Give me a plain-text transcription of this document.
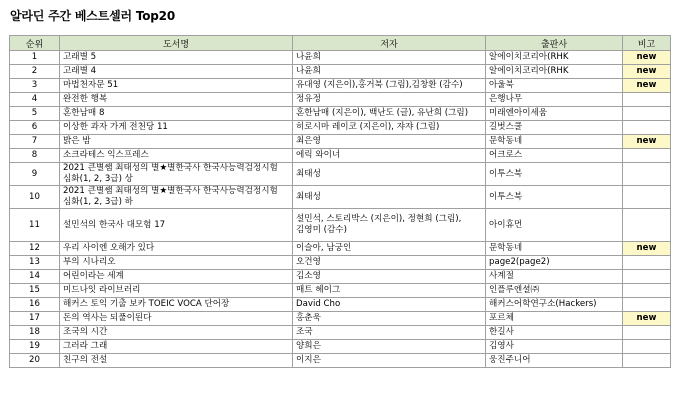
알라딘 주간 베스트셀러 Top20
순위	도서명	저자	출판사	비고
1	고래별 5	나윤희	알에이치코리아(RHK	new
2	고래별 4	나윤희	알에이치코리아(RHK	new
3	마법천자문 51	유대영 (지은이),홍거북 (그림),김창환 (감수)	아울북	new
4	완전한 행복	정유정	은행나무	
5	혼한남매 8	혼한남매 (지은이), 백난도 (글), 유난희 (그림)	미래엔아이세움	
6	이상한 과자 가게 전천당 11	히로시마 레이코 (지은이), 쟈쟈 (그림)	길벗스쿨	
7	밝은 밤	최은영	문학동네	new
8	소크라테스 익스프레스	에릭 와이너	어크로스	
9	2021 큰별쌤 최태성의 별★별한국사 한국사능력검정시험 심화(1, 2, 3급) 상	최태성	이투스북	
10	2021 큰별쌤 최태성의 별★별한국사 한국사능력검정시험 심화(1, 2, 3급) 하	최태성	이투스북	
11	설민석의 한국사 대모험 17	설민석, 스토리박스 (지은이), 정현희 (그림), 김영미 (감수)	아이휴먼	
12	우리 사이엔 오해가 있다	이슬아, 남궁인	문학동네	new
13	부의 시나리오	오건영	page2(page2)	
14	어린이라는 세계	김소영	사계절	
15	미드나잇 라이브러리	매트 헤이그	인플루엔셜㈜	
16	해커스 토익 기출 보카 TOEIC VOCA 단어장	David Cho	해커스어학연구소(Hackers)	
17	돈의 역사는 되풀이된다	홍춘욱	포르체	new
18	조국의 시간	조국	한길사	
19	그러라 그래	양희은	김영사	
20	친구의 전설	이지은	웅진주니어	
